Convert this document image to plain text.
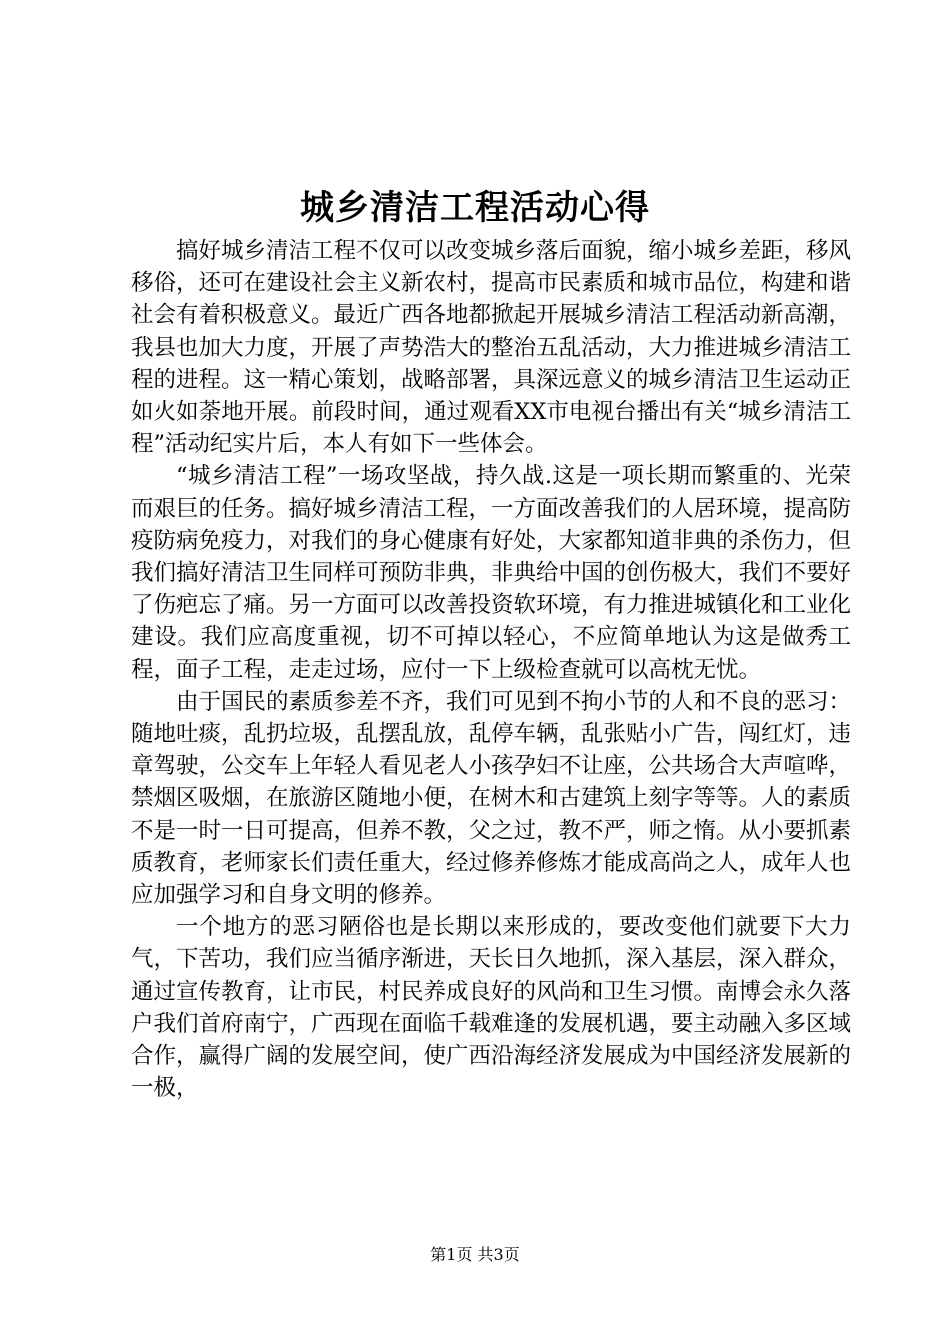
城乡清洁工程活动心得

搞好城乡清洁工程不仅可以改变城乡落后面貌，缩小城乡差距，移风移俗，还可在建设社会主义新农村，提高市民素质和城市品位，构建和谐社会有着积极意义。最近广西各地都掀起开展城乡清洁工程活动新高潮，我县也加大力度，开展了声势浩大的整治五乱活动，大力推进城乡清洁工程的进程。这一精心策划，战略部署，具深远意义的城乡清洁卫生运动正如火如荼地开展。前段时间，通过观看XX市电视台播出有关“城乡清洁工程”活动纪实片后，本人有如下一些体会。

“城乡清洁工程”一场攻坚战，持久战.这是一项长期而繁重的、光荣而艰巨的任务。搞好城乡清洁工程，一方面改善我们的人居环境，提高防疫防病免疫力，对我们的身心健康有好处，大家都知道非典的杀伤力，但我们搞好清洁卫生同样可预防非典，非典给中国的创伤极大，我们不要好了伤疤忘了痛。另一方面可以改善投资软环境，有力推进城镇化和工业化建设。我们应高度重视，切不可掉以轻心，不应简单地认为这是做秀工程，面子工程，走走过场，应付一下上级检查就可以高枕无忧。

由于国民的素质参差不齐，我们可见到不拘小节的人和不良的恶习：随地吐痰，乱扔垃圾，乱摆乱放，乱停车辆，乱张贴小广告，闯红灯，违章驾驶，公交车上年轻人看见老人小孩孕妇不让座，公共场合大声喧哗，禁烟区吸烟，在旅游区随地小便，在树木和古建筑上刻字等等。人的素质不是一时一日可提高，但养不教，父之过，教不严，师之惰。从小要抓素质教育，老师家长们责任重大，经过修养修炼才能成高尚之人，成年人也应加强学习和自身文明的修养。

一个地方的恶习陋俗也是长期以来形成的，要改变他们就要下大力气，下苦功，我们应当循序渐进，天长日久地抓，深入基层，深入群众，通过宣传教育，让市民，村民养成良好的风尚和卫生习惯。南博会永久落户我们首府南宁，广西现在面临千载难逢的发展机遇，要主动融入多区域合作，赢得广阔的发展空间，使广西沿海经济发展成为中国经济发展新的一极，

第1页 共3页
